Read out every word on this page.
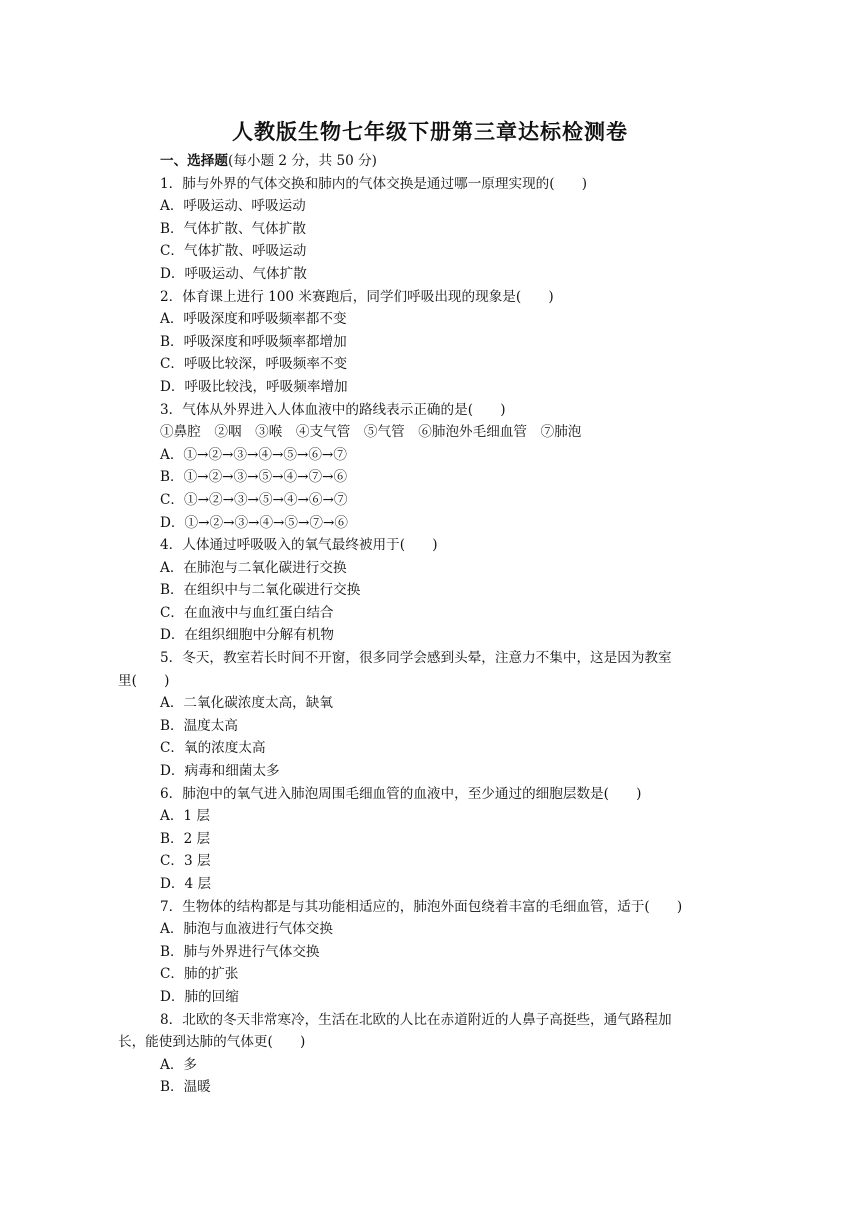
人教版生物七年级下册第三章达标检测卷
一、选择题(每小题 2 分，共 50 分)
1．肺与外界的气体交换和肺内的气体交换是通过哪一原理实现的(　　)
A．呼吸运动、呼吸运动
B．气体扩散、气体扩散
C．气体扩散、呼吸运动
D．呼吸运动、气体扩散
2．体育课上进行 100 米赛跑后，同学们呼吸出现的现象是(　　)
A．呼吸深度和呼吸频率都不变
B．呼吸深度和呼吸频率都增加
C．呼吸比较深，呼吸频率不变
D．呼吸比较浅，呼吸频率增加
3．气体从外界进入人体血液中的路线表示正确的是(　　)
①鼻腔　②咽　③喉　④支气管　⑤气管　⑥肺泡外毛细血管　⑦肺泡
A．①→②→③→④→⑤→⑥→⑦
B．①→②→③→⑤→④→⑦→⑥
C．①→②→③→⑤→④→⑥→⑦
D．①→②→③→④→⑤→⑦→⑥
4．人体通过呼吸吸入的氧气最终被用于(　　)
A．在肺泡与二氧化碳进行交换
B．在组织中与二氧化碳进行交换
C．在血液中与血红蛋白结合
D．在组织细胞中分解有机物
5．冬天，教室若长时间不开窗，很多同学会感到头晕，注意力不集中，这是因为教室
里(　　)
A．二氧化碳浓度太高，缺氧
B．温度太高
C．氧的浓度太高
D．病毒和细菌太多
6．肺泡中的氧气进入肺泡周围毛细血管的血液中，至少通过的细胞层数是(　　)
A．1 层
B．2 层
C．3 层
D．4 层
7．生物体的结构都是与其功能相适应的，肺泡外面包绕着丰富的毛细血管，适于(　　)
A．肺泡与血液进行气体交换
B．肺与外界进行气体交换
C．肺的扩张
D．肺的回缩
8．北欧的冬天非常寒冷，生活在北欧的人比在赤道附近的人鼻子高挺些，通气路程加
长，能使到达肺的气体更(　　)
A．多
B．温暖
